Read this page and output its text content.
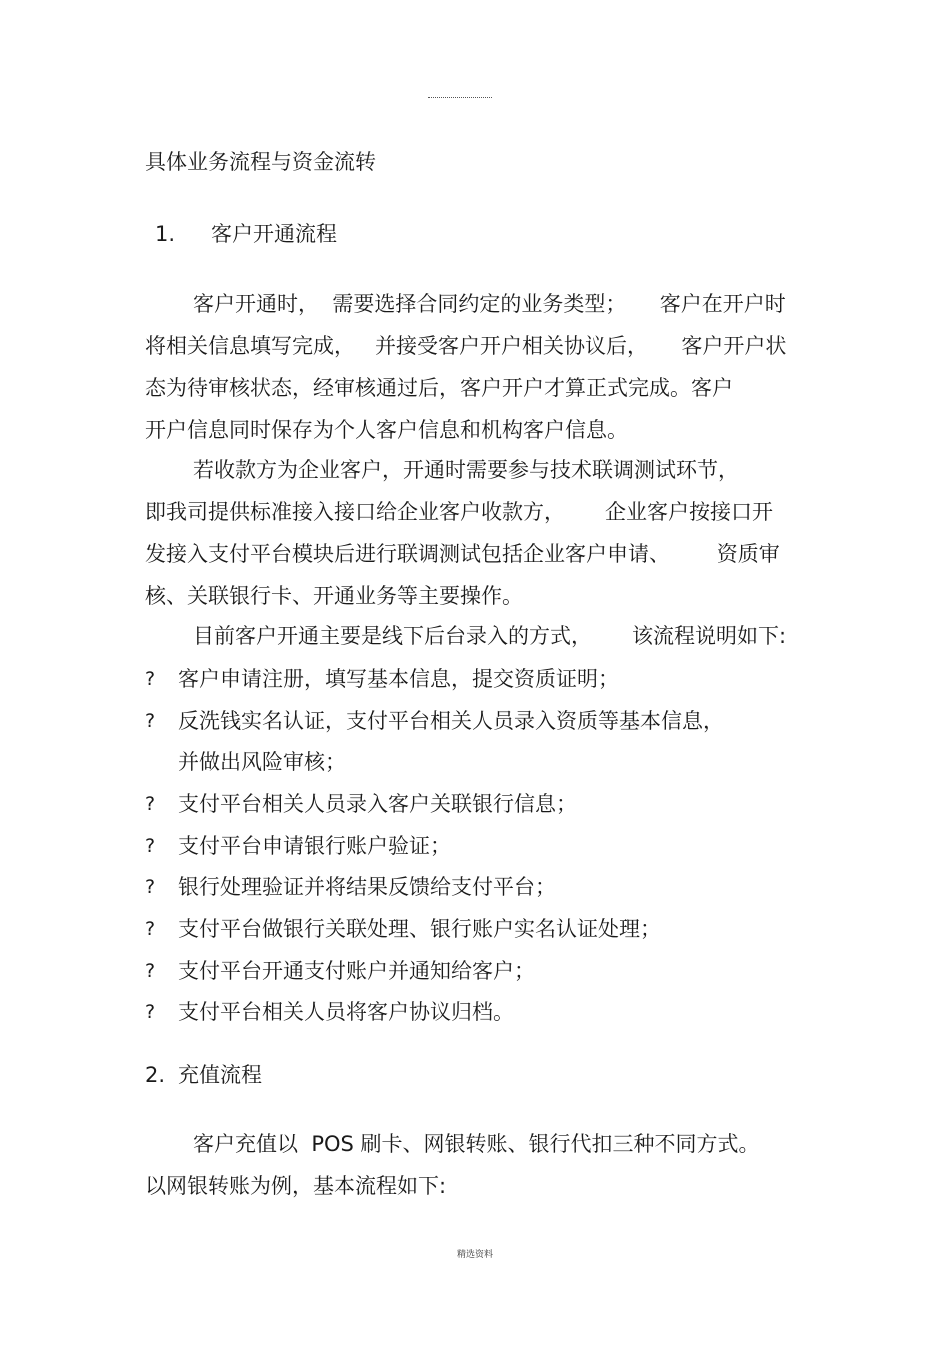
具体业务流程与资金流转
1. 客户开通流程
客户开通时，  需要选择合同约定的业务类型；     客户在开户时
将相关信息填写完成，   并接受客户开户相关协议后，     客户开户状
态为待审核状态，经审核通过后，客户开户才算正式完成。客户
开户信息同时保存为个人客户信息和机构客户信息。
若收款方为企业客户，开通时需要参与技术联调测试环节，
即我司提供标准接入接口给企业客户收款方，      企业客户按接口开
发接入支付平台模块后进行联调测试包括企业客户申请、       资质审
核、关联银行卡、开通业务等主要操作。
目前客户开通主要是线下后台录入的方式，      该流程说明如下:
? 客户申请注册，填写基本信息，提交资质证明；
? 反洗钱实名认证，支付平台相关人员录入资质等基本信息，
并做出风险审核；
? 支付平台相关人员录入客户关联银行信息；
? 支付平台申请银行账户验证；
? 银行处理验证并将结果反馈给支付平台；
? 支付平台做银行关联处理、银行账户实名认证处理；
? 支付平台开通支付账户并通知给客户；
? 支付平台相关人员将客户协议归档。
2. 充值流程
客户充值以  POS 刷卡、网银转账、银行代扣三种不同方式。
以网银转账为例，基本流程如下:
精选资料
